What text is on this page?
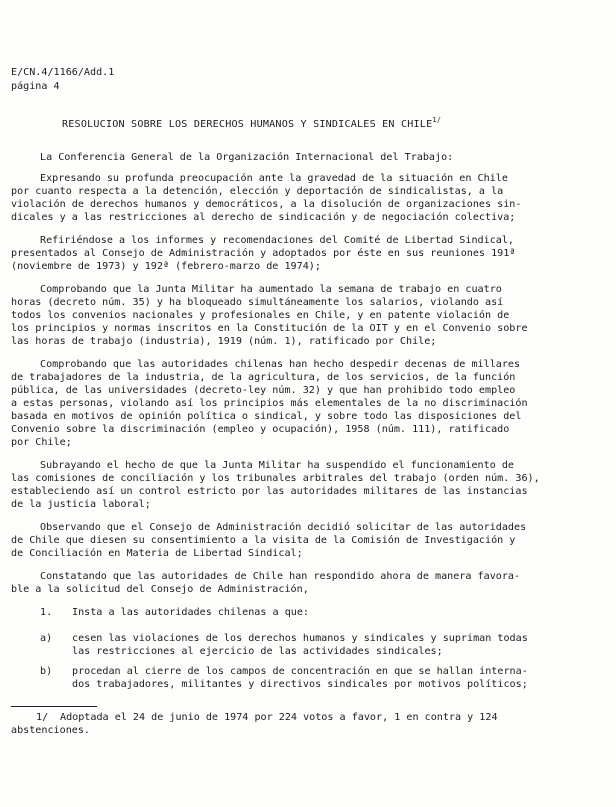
E/CN.4/1166/Add.1
página 4
RESOLUCION SOBRE LOS DERECHOS HUMANOS Y SINDICALES EN $CHILE^{1/}$
La Conferencia General de la Organización Internacional del Trabajo:
Expresando su profunda preocupación ante la gravedad de la situación en Chile
por cuanto respecta a la detención, elección y deportación de sindicalistas, a la
violación de derechos humanos y democráticos, a la disolución de organizaciones sin-
dicales y a las restricciones al derecho de sindicación y de negociación colectiva;
Refiriéndose a los informes y recomendaciones del Comité de Libertad Sindical,
presentados al Consejo de Administración y adoptados por éste en sus reuniones 191ª
(noviembre de 1973) y 192ª (febrero-marzo de 1974);
Comprobando que la Junta Militar ha aumentado la semana de trabajo en cuatro
horas (decreto núm. 35) y ha bloqueado simultáneamente los salarios, violando así
todos los convenios nacionales y profesionales en Chile, y en patente violación de
los principios y normas inscritos en la Constitución de la OIT y en el Convenio sobre
las horas de trabajo (industria), 1919 (núm. 1), ratificado por Chile;
Comprobando que las autoridades chilenas han hecho despedir decenas de millares
de trabajadores de la industria, de la agricultura, de los servicios, de la función
pública, de las universidades (decreto-ley núm. 32) y que han prohibido todo empleo
a estas personas, violando así los principios más elementales de la no discriminación
basada en motivos de opinión política o sindical, y sobre todo las disposiciones del
Convenio sobre la discriminación (empleo y ocupación), 1958 (núm. 111), ratificado
por Chile;
Subrayando el hecho de que la Junta Militar ha suspendido el funcionamiento de
las comisiones de conciliación y los tribunales arbitrales del trabajo (orden núm. 36),
estableciendo así un control estricto por las autoridades militares de las instancias
de la justicia laboral;
Observando que el Consejo de Administración decidió solicitar de las autoridades
de Chile que diesen su consentimiento a la visita de la Comisión de Investigación y
de Conciliación en Materia de Libertad Sindical;
Constatando que las autoridades de Chile han respondido ahora de manera favora-
ble a la solicitud del Consejo de Administración,
1. Insta a las autoridades chilenas a que:
a) cesen las violaciones de los derechos humanos y sindicales y supriman todas
las restricciones al ejercicio de las actividades sindicales;
b) procedan al cierre de los campos de concentración en que se hallan interna-
dos trabajadores, militantes y directivos sindicales por motivos políticos;
1/ Adoptada el 24 de junio de 1974 por 224 votos a favor, 1 en contra y 124
abstenciones.
